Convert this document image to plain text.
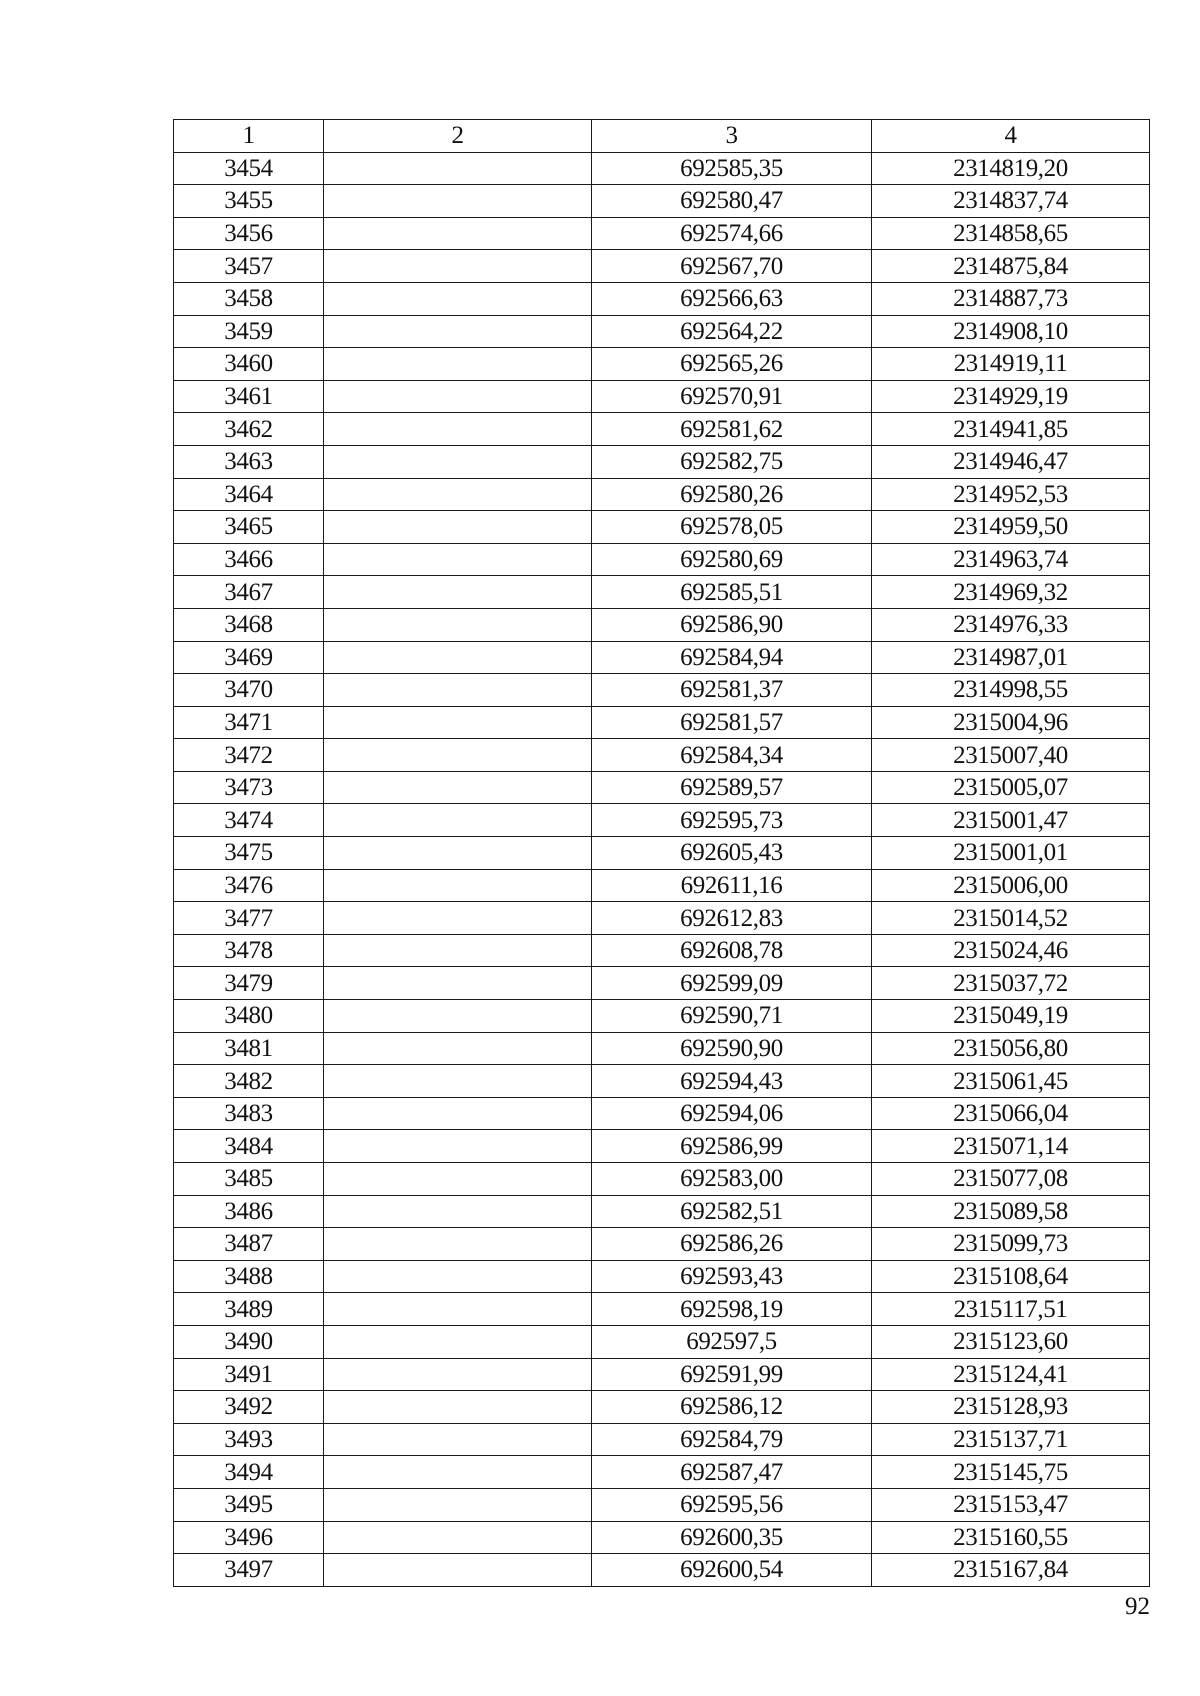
1	2	3	4
3454		692585,35	2314819,20
3455		692580,47	2314837,74
3456		692574,66	2314858,65
3457		692567,70	2314875,84
3458		692566,63	2314887,73
3459		692564,22	2314908,10
3460		692565,26	2314919,11
3461		692570,91	2314929,19
3462		692581,62	2314941,85
3463		692582,75	2314946,47
3464		692580,26	2314952,53
3465		692578,05	2314959,50
3466		692580,69	2314963,74
3467		692585,51	2314969,32
3468		692586,90	2314976,33
3469		692584,94	2314987,01
3470		692581,37	2314998,55
3471		692581,57	2315004,96
3472		692584,34	2315007,40
3473		692589,57	2315005,07
3474		692595,73	2315001,47
3475		692605,43	2315001,01
3476		692611,16	2315006,00
3477		692612,83	2315014,52
3478		692608,78	2315024,46
3479		692599,09	2315037,72
3480		692590,71	2315049,19
3481		692590,90	2315056,80
3482		692594,43	2315061,45
3483		692594,06	2315066,04
3484		692586,99	2315071,14
3485		692583,00	2315077,08
3486		692582,51	2315089,58
3487		692586,26	2315099,73
3488		692593,43	2315108,64
3489		692598,19	2315117,51
3490		692597,5	2315123,60
3491		692591,99	2315124,41
3492		692586,12	2315128,93
3493		692584,79	2315137,71
3494		692587,47	2315145,75
3495		692595,56	2315153,47
3496		692600,35	2315160,55
3497		692600,54	2315167,84
92
